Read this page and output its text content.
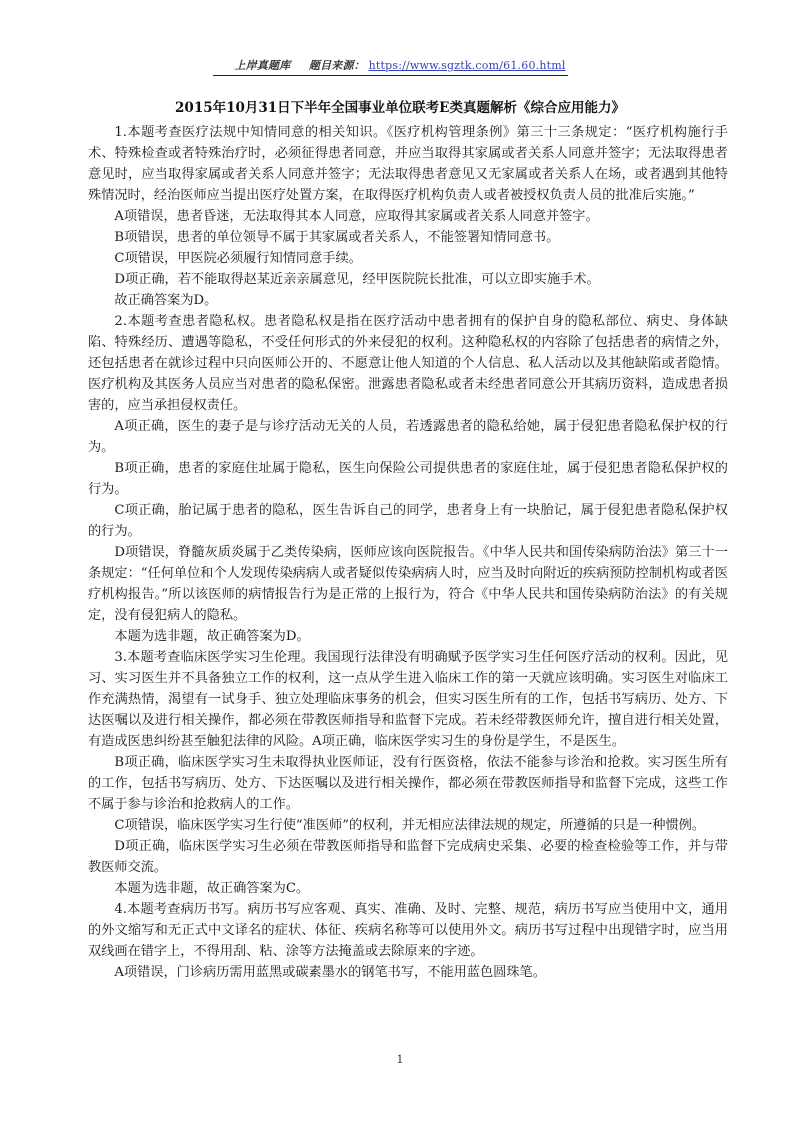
上岸真题库 题目来源： https://www.sgztk.com/61.60.html
2015年10月31日下半年全国事业单位联考E类真题解析《综合应用能力》

1.本题考查医疗法规中知情同意的相关知识。《医疗机构管理条例》第三十三条规定：“医疗机构施行手术、特殊检查或者特殊治疗时，必须征得患者同意，并应当取得其家属或者关系人同意并签字；无法取得患者意见时，应当取得家属或者关系人同意并签字；无法取得患者意见又无家属或者关系人在场，或者遇到其他特殊情况时，经治医师应当提出医疗处置方案，在取得医疗机构负责人或者被授权负责人员的批准后实施。”

A项错误，患者昏迷，无法取得其本人同意，应取得其家属或者关系人同意并签字。

B项错误，患者的单位领导不属于其家属或者关系人，不能签署知情同意书。

C项错误，甲医院必须履行知情同意手续。

D项正确，若不能取得赵某近亲亲属意见，经甲医院院长批准，可以立即实施手术。

故正确答案为D。

2.本题考查患者隐私权。患者隐私权是指在医疗活动中患者拥有的保护自身的隐私部位、病史、身体缺陷、特殊经历、遭遇等隐私，不受任何形式的外来侵犯的权利。这种隐私权的内容除了包括患者的病情之外，还包括患者在就诊过程中只向医师公开的、不愿意让他人知道的个人信息、私人活动以及其他缺陷或者隐情。医疗机构及其医务人员应当对患者的隐私保密。泄露患者隐私或者未经患者同意公开其病历资料，造成患者损害的，应当承担侵权责任。

A项正确，医生的妻子是与诊疗活动无关的人员，若透露患者的隐私给她，属于侵犯患者隐私保护权的行为。

B项正确，患者的家庭住址属于隐私，医生向保险公司提供患者的家庭住址，属于侵犯患者隐私保护权的行为。

C项正确，胎记属于患者的隐私，医生告诉自己的同学，患者身上有一块胎记，属于侵犯患者隐私保护权的行为。

D项错误，脊髓灰质炎属于乙类传染病，医师应该向医院报告。《中华人民共和国传染病防治法》第三十一条规定：“任何单位和个人发现传染病病人或者疑似传染病病人时，应当及时向附近的疾病预防控制机构或者医疗机构报告。”所以该医师的病情报告行为是正常的上报行为，符合《中华人民共和国传染病防治法》的有关规定，没有侵犯病人的隐私。

本题为选非题，故正确答案为D。

3.本题考查临床医学实习生伦理。我国现行法律没有明确赋予医学实习生任何医疗活动的权利。因此，见习、实习医生并不具备独立工作的权利，这一点从学生进入临床工作的第一天就应该明确。实习医生对临床工作充满热情，渴望有一试身手、独立处理临床事务的机会，但实习医生所有的工作，包括书写病历、处方、下达医嘱以及进行相关操作，都必须在带教医师指导和监督下完成。若未经带教医师允许，擅自进行相关处置，有造成医患纠纷甚至触犯法律的风险。A项正确，临床医学实习生的身份是学生，不是医生。

B项正确，临床医学实习生未取得执业医师证，没有行医资格，依法不能参与诊治和抢救。实习医生所有的工作，包括书写病历、处方、下达医嘱以及进行相关操作，都必须在带教医师指导和监督下完成，这些工作不属于参与诊治和抢救病人的工作。

C项错误，临床医学实习生行使“准医师”的权利，并无相应法律法规的规定，所遵循的只是一种惯例。

D项正确，临床医学实习生必须在带教医师指导和监督下完成病史采集、必要的检查检验等工作，并与带教医师交流。

本题为选非题，故正确答案为C。

4.本题考查病历书写。病历书写应客观、真实、准确、及时、完整、规范，病历书写应当使用中文，通用的外文缩写和无正式中文译名的症状、体征、疾病名称等可以使用外文。病历书写过程中出现错字时，应当用双线画在错字上，不得用刮、粘、涂等方法掩盖或去除原来的字迹。

A项错误，门诊病历需用蓝黑或碳素墨水的钢笔书写，不能用蓝色圆珠笔。

1
